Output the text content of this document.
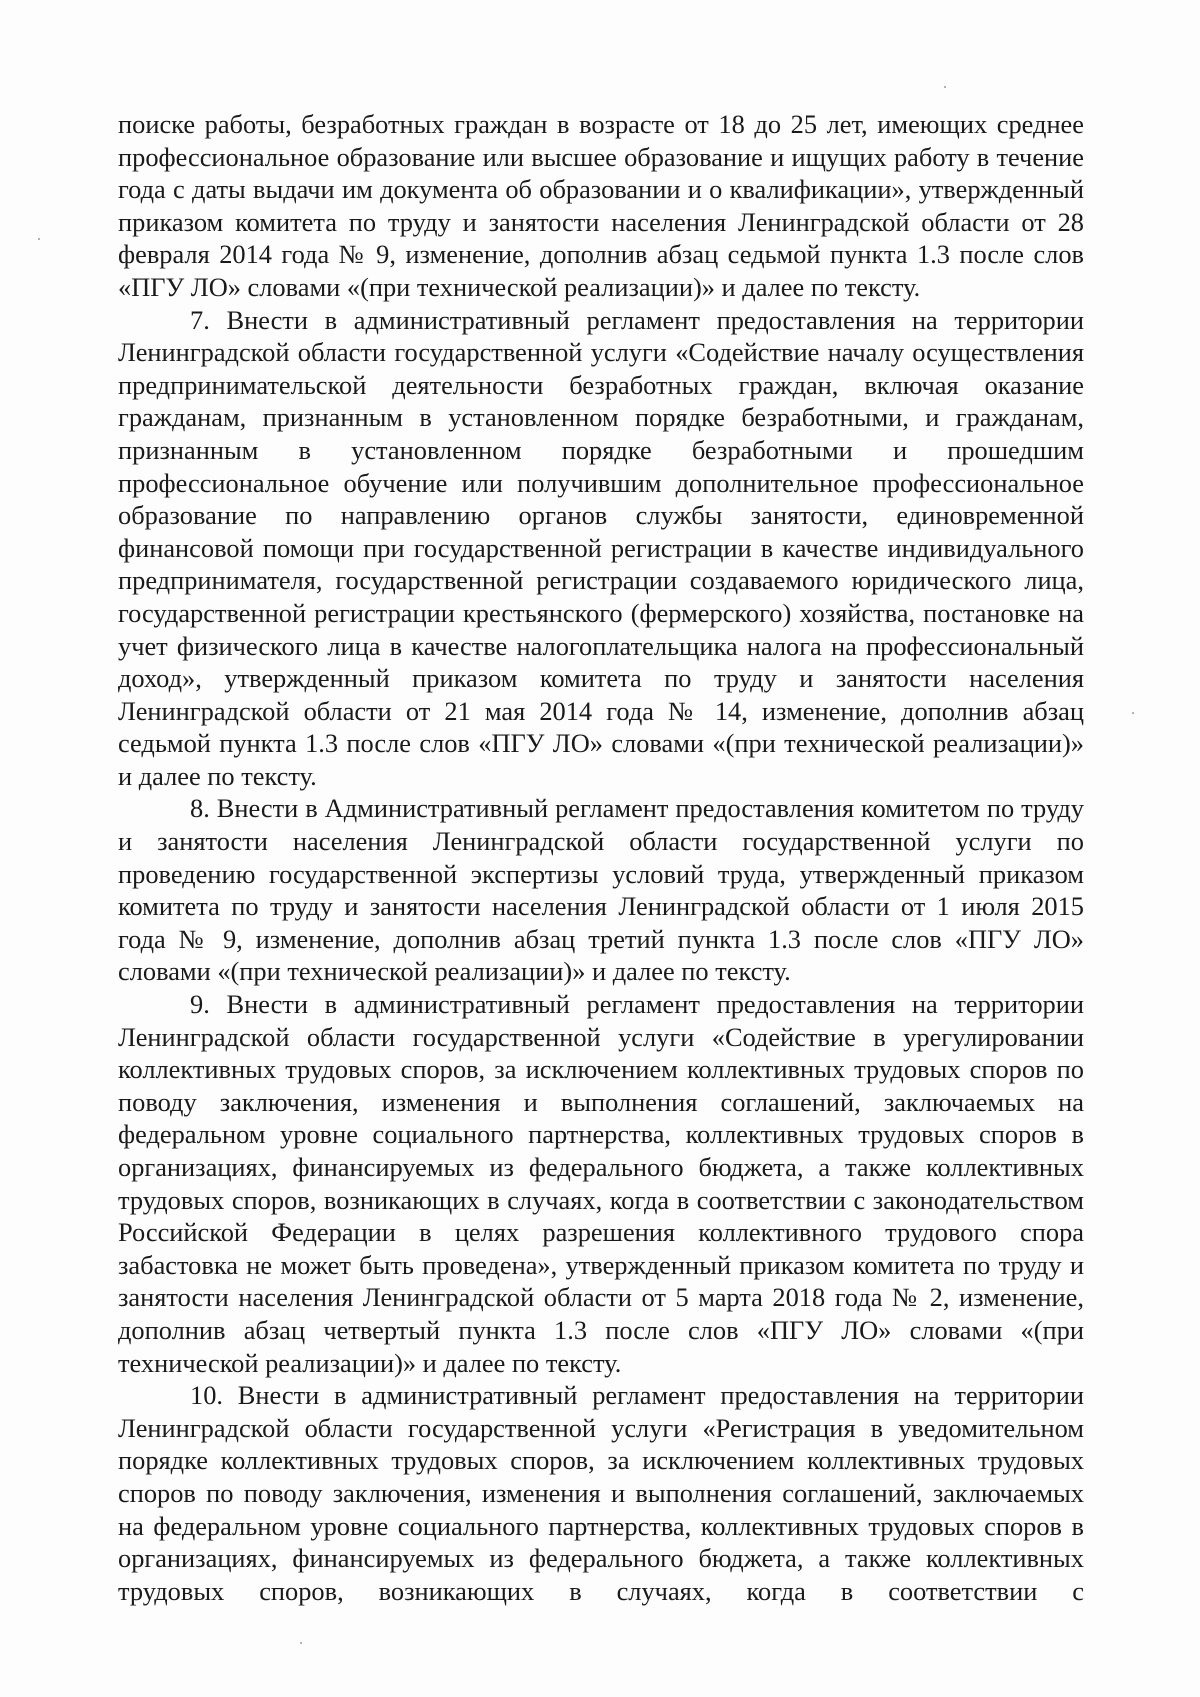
поиске работы, безработных граждан в возрасте от 18 до 25 лет, имеющих среднее профессиональное образование или высшее образование и ищущих работу в течение года с даты выдачи им документа об образовании и о квалификации», утвержденный приказом комитета по труду и занятости населения Ленинградской области от 28 февраля 2014 года № 9, изменение, дополнив абзац седьмой пункта 1.3 после слов «ПГУ ЛО» словами «(при технической реализации)» и далее по тексту.

7. Внести в административный регламент предоставления на территории Ленинградской области государственной услуги «Содействие началу осуществления предпринимательской деятельности безработных граждан, включая оказание гражданам, признанным в установленном порядке безработными, и гражданам, признанным в установленном порядке безработными и прошедшим профессиональное обучение или получившим дополнительное профессиональное образование по направлению органов службы занятости, единовременной финансовой помощи при государственной регистрации в качестве индивидуального предпринимателя, государственной регистрации создаваемого юридического лица, государственной регистрации крестьянского (фермерского) хозяйства, постановке на учет физического лица в качестве налогоплательщика налога на профессиональный доход», утвержденный приказом комитета по труду и занятости населения Ленинградской области от 21 мая 2014 года № 14, изменение, дополнив абзац седьмой пункта 1.3 после слов «ПГУ ЛО» словами «(при технической реализации)» и далее по тексту.

8. Внести в Административный регламент предоставления комитетом по труду и занятости населения Ленинградской области государственной услуги по проведению государственной экспертизы условий труда, утвержденный приказом комитета по труду и занятости населения Ленинградской области от 1 июля 2015 года № 9, изменение, дополнив абзац третий пункта 1.3 после слов «ПГУ ЛО» словами «(при технической реализации)» и далее по тексту.

9. Внести в административный регламент предоставления на территории Ленинградской области государственной услуги «Содействие в урегулировании коллективных трудовых споров, за исключением коллективных трудовых споров по поводу заключения, изменения и выполнения соглашений, заключаемых на федеральном уровне социального партнерства, коллективных трудовых споров в организациях, финансируемых из федерального бюджета, а также коллективных трудовых споров, возникающих в случаях, когда в соответствии с законодательством Российской Федерации в целях разрешения коллективного трудового спора забастовка не может быть проведена», утвержденный приказом комитета по труду и занятости населения Ленинградской области от 5 марта 2018 года № 2, изменение, дополнив абзац четвертый пункта 1.3 после слов «ПГУ ЛО» словами «(при технической реализации)» и далее по тексту.

10. Внести в административный регламент предоставления на территории Ленинградской области государственной услуги «Регистрация в уведомительном порядке коллективных трудовых споров, за исключением коллективных трудовых споров по поводу заключения, изменения и выполнения соглашений, заключаемых на федеральном уровне социального партнерства, коллективных трудовых споров в организациях, финансируемых из федерального бюджета, а также коллективных трудовых споров, возникающих в случаях, когда в соответствии с
